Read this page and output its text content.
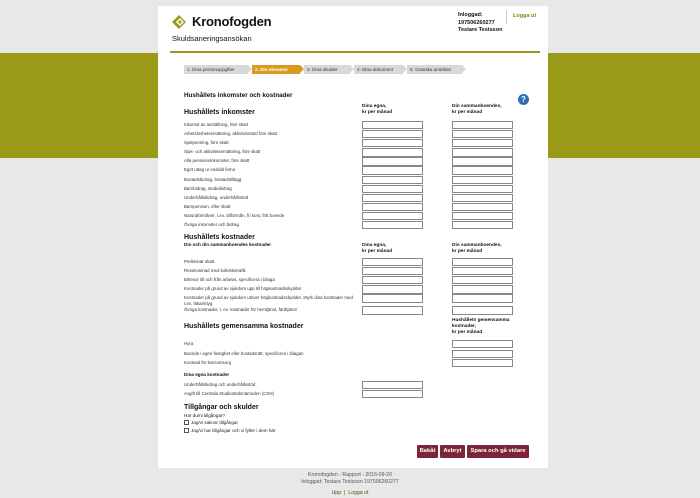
Kronofogden
Skuldsaneringsansökan
Inloggad:
197506260277
Testare Testsson
Logga ut
1. Dina personuppgifter	2. Din ekonomi	3. Dina skulder	4. Dina dokument	5. Granska ansökan
Hushållets inkomster och kostnader	?
Hushållets inkomster
Dina egna,
kr per månad
Din sammanboendes,
kr per månad
Inkomst av anställning, före skatt
Arbetslöshetsersättning, aktivitetsstöd före skatt
Sjukpenning, före skatt
Sjuk- och aktivitetsersättning, före skatt
Alla pensionsinkomster, före skatt
Eget uttag ur enskild firma
Bostadsbidrag, bostadstillägg
Barnbidrag, studiebidrag
Underhållsbidrag, underhållsstöd
Barnpension, efter skatt
Naturaförmåner, t.ex. bilförmån, fri kost, fritt boende
Övriga inkomster och bidrag
Hushållets kostnader
Din och din sammanboendes kostnader	Dina egna,
kr per månad
Din sammanboendes,
kr per månad
Preliminär skatt
Resekostnad med kollektivtrafik
Bilresor till och från arbetet, specificera i bilaga
Kostnader på grund av sjukdom upp till högkostnadsskyddet
Kostnader på grund av sjukdom utöver högkostnadsskyddet. Styrk dina kostnader med t.ex. läkarintyg
Övriga kostnader, t. ex. kostnader för hemtjänst, färdtjänst
Hushållets gemensamma kostnader
Hushållets gemensamma
kostnader,
kr per månad
Hyra
Boende i egen fastighet eller bostadsrätt, specificera i bilagan
Kostnad för barnomsorg
Dina egna kostnader
Underhållsbidrag och underhållsstöd
Avgift till Centrala Studiestödsnämnden (CSN)
Tillgångar och skulder
Har du/ni tillgångar?
Jag/vi saknar tillgångar
Jag/vi har tillgångar och vi fyller i dem här
Bakåt	Avbryt	Spara och gå vidare
Kronofogden - Rapport - 2016-09-20
Inloggad: Testare Testsson 197506260277
Upp  |  Logga ut
